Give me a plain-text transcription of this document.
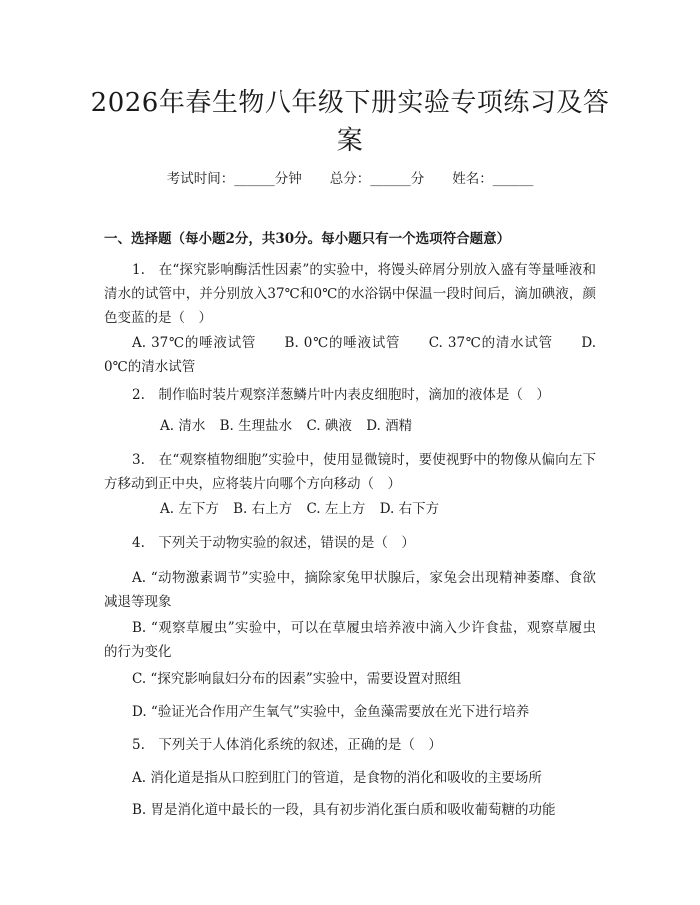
2026年春生物八年级下册实验专项练习及答案
考试时间：______分钟 总分：______分 姓名：______

一、选择题（每小题2分，共30分。每小题只有一个选项符合题意）

1.　在“探究影响酶活性因素”的实验中，将馒头碎屑分别放入盛有等量唾液和清水的试管中，并分别放入37℃和0℃的水浴锅中保温一段时间后，滴加碘液，颜色变蓝的是（　）

A. 37℃的唾液试管　　B. 0℃的唾液试管　　C. 37℃的清水试管　　D. 0℃的清水试管

2.　制作临时装片观察洋葱鳞片叶内表皮细胞时，滴加的液体是（　）

A. 清水 B. 生理盐水 C. 碘液 D. 酒精

3.　在“观察植物细胞”实验中，使用显微镜时，要使视野中的物像从偏向左下方移动到正中央，应将装片向哪个方向移动（　）

A. 左下方 B. 右上方 C. 左上方 D. 右下方

4.　下列关于动物实验的叙述，错误的是（　）

A. “动物激素调节”实验中，摘除家兔甲状腺后，家兔会出现精神萎靡、食欲减退等现象

B. “观察草履虫”实验中，可以在草履虫培养液中滴入少许食盐，观察草履虫的行为变化

C. “探究影响鼠妇分布的因素”实验中，需要设置对照组

D. “验证光合作用产生氧气”实验中，金鱼藻需要放在光下进行培养

5.　下列关于人体消化系统的叙述，正确的是（　）

A. 消化道是指从口腔到肛门的管道，是食物的消化和吸收的主要场所

B. 胃是消化道中最长的一段，具有初步消化蛋白质和吸收葡萄糖的功能
